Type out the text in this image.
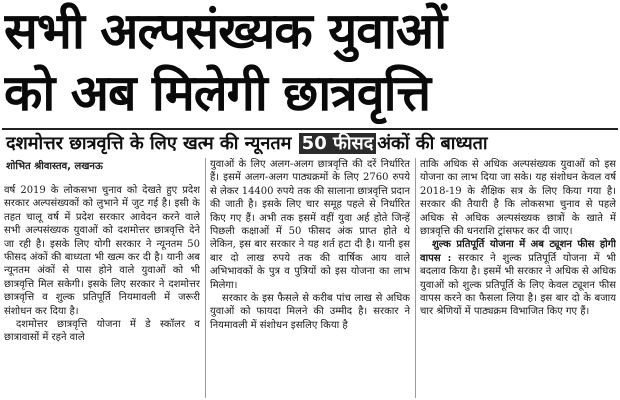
सभी अल्पसंख्यक युवाओं
को अब मिलेगी छात्रवृत्ति
दशमोत्तर छात्रवृत्ति के लिए खत्म की न्यूनतम 50 फीसद अंकों की बाध्यता
शोभित श्रीवास्तव, लखनऊ

वर्ष 2019 के लोकसभा चुनाव को देखते हुए प्रदेश सरकार अल्पसंख्यकों को लुभाने में जुट गई है। इसी के तहत चालू वर्ष में प्रदेश सरकार आवेदन करने वाले सभी अल्पसंख्यक युवाओं को दशमोत्तर छात्रवृत्ति देने जा रही है। इसके लिए योगी सरकार ने न्यूनतम 50 फीसद अंकों की बाध्यता भी खत्म कर दी है। यानी अब न्यूनतम अंकों से पास होने वाले युवाओं को भी छात्रवृत्ति मिल सकेगी। इसके लिए सरकार ने दशमोत्तर छात्रवृत्ति व शुल्क प्रतिपूर्ति नियमावली में जरूरी संशोधन कर दिया है।

दशमोत्तर छात्रवृत्ति योजना में डे स्कॉलर व छात्रावासों में रहने वाले

युवाओं के लिए अलग-अलग छात्रवृत्ति की दरें निर्धारित हैं। इसमें अलग-अलग पाठ्यक्रमों के लिए 2760 रुपये से लेकर 14400 रुपये तक की सालाना छात्रवृत्ति प्रदान की जाती है। इसके लिए चार समूह पहले से निर्धारित किए गए हैं। अभी तक इसमें वहीं युवा अर्ह होते जिन्हें पिछली कक्षाओं में 50 फीसद अंक प्राप्त होते थे लेकिन, इस बार सरकार ने यह शर्त हटा दी है। यानी इस बार दो लाख रुपये तक की वार्षिक आय वाले अभिभावकों के पुत्र व पुत्रियों को इस योजना का लाभ मिलेगा।

सरकार के इस फैसले से करीब पांच लाख से अधिक युवाओं को फायदा मिलने की उम्मीद है। सरकार ने नियमावली में संशोधन इसलिए किया है

ताकि अधिक से अधिक अल्पसंख्यक युवाओं को इस योजना का लाभ दिया जा सके। यह संशोधन केवल वर्ष 2018-19 के शैक्षिक सत्र के लिए किया गया है। सरकार की तैयारी है कि लोकसभा चुनाव से पहले अधिक से अधिक अल्पसंख्यक छात्रों के खाते में छात्रवृत्ति की धनराशि ट्रांसफर कर दी जाए।

शुल्क प्रतिपूर्ति योजना में अब ट्यूशन फीस होगी वापस : सरकार ने शुल्क प्रतिपूर्ति योजना में भी बदलाव किया है। इसमें भी सरकार ने अधिक से अधिक युवाओं को शुल्क प्रतिपूर्ति के लिए केवल ट्यूशन फीस वापस करने का फैसला लिया है। इस बार दो के बजाय चार श्रेणियों में पाठ्यक्रम विभाजित किए गए हैं।
